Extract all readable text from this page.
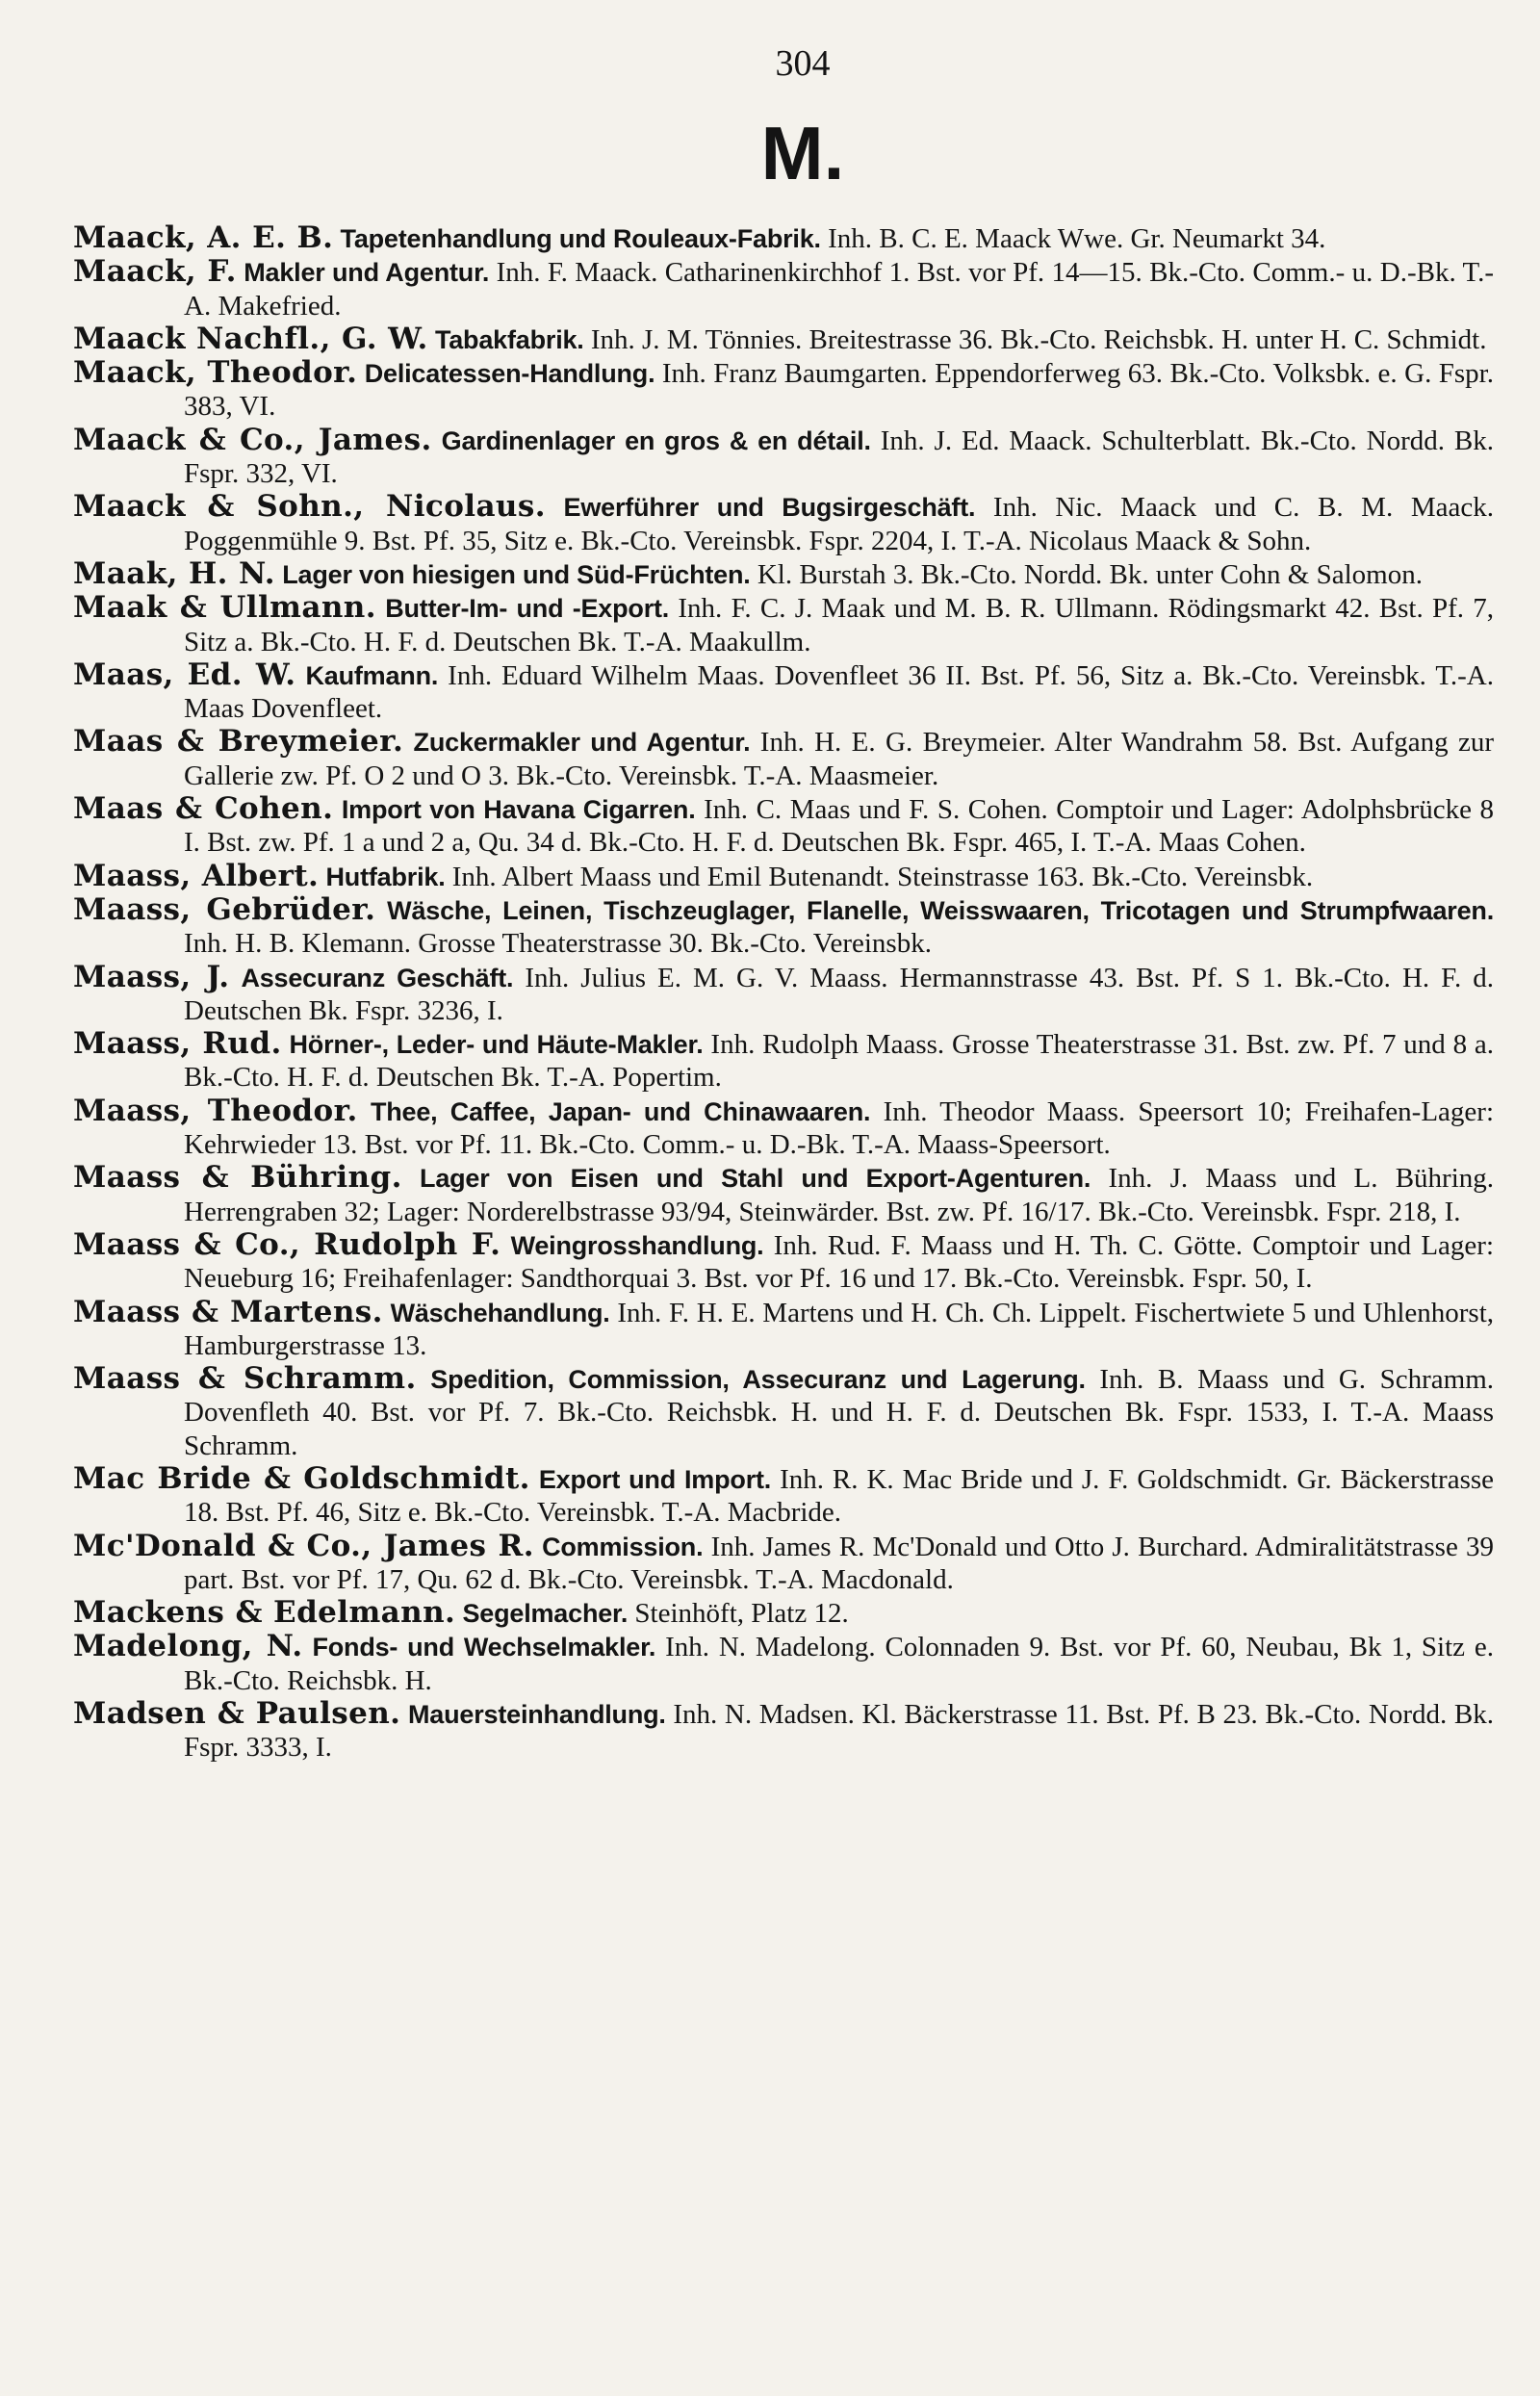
304
M.
Maack, A. E. B. Tapetenhandlung und Rouleaux-Fabrik. Inh. B. C. E. Maack Wwe. Gr. Neumarkt 34.
Maack, F. Makler und Agentur. Inh. F. Maack. Catharinenkirchhof 1. Bst. vor Pf. 14—15. Bk.-Cto. Comm.- u. D.-Bk. T.-A. Makefried.
Maack Nachfl., G. W. Tabakfabrik. Inh. J. M. Tönnies. Breitestrasse 36. Bk.-Cto. Reichsbk. H. unter H. C. Schmidt.
Maack, Theodor. Delicatessen-Handlung. Inh. Franz Baumgarten. Eppendorferweg 63. Bk.-Cto. Volksbk. e. G. Fspr. 383, VI.
Maack & Co., James. Gardinenlager en gros & en détail. Inh. J. Ed. Maack. Schulterblatt. Bk.-Cto. Nordd. Bk. Fspr. 332, VI.
Maack & Sohn., Nicolaus. Ewerführer und Bugsirgeschäft. Inh. Nic. Maack und C. B. M. Maack. Poggenmühle 9. Bst. Pf. 35, Sitz e. Bk.-Cto. Vereinsbk. Fspr. 2204, I. T.-A. Nicolaus Maack & Sohn.
Maak, H. N. Lager von hiesigen und Süd-Früchten. Kl. Burstah 3. Bk.-Cto. Nordd. Bk. unter Cohn & Salomon.
Maak & Ullmann. Butter-Im- und -Export. Inh. F. C. J. Maak und M. B. R. Ullmann. Rödingsmarkt 42. Bst. Pf. 7, Sitz a. Bk.-Cto. H. F. d. Deutschen Bk. T.-A. Maakullm.
Maas, Ed. W. Kaufmann. Inh. Eduard Wilhelm Maas. Dovenfleet 36 II. Bst. Pf. 56, Sitz a. Bk.-Cto. Vereinsbk. T.-A. Maas Dovenfleet.
Maas & Breymeier. Zuckermakler und Agentur. Inh. H. E. G. Breymeier. Alter Wandrahm 58. Bst. Aufgang zur Gallerie zw. Pf. O 2 und O 3. Bk.-Cto. Vereinsbk. T.-A. Maasmeier.
Maas & Cohen. Import von Havana Cigarren. Inh. C. Maas und F. S. Cohen. Comptoir und Lager: Adolphsbrücke 8 I. Bst. zw. Pf. 1 a und 2 a, Qu. 34 d. Bk.-Cto. H. F. d. Deutschen Bk. Fspr. 465, I. T.-A. Maas Cohen.
Maass, Albert. Hutfabrik. Inh. Albert Maass und Emil Butenandt. Steinstrasse 163. Bk.-Cto. Vereinsbk.
Maass, Gebrüder. Wäsche, Leinen, Tischzeuglager, Flanelle, Weisswaaren, Tricotagen und Strumpfwaaren. Inh. H. B. Klemann. Grosse Theaterstrasse 30. Bk.-Cto. Vereinsbk.
Maass, J. Assecuranz Geschäft. Inh. Julius E. M. G. V. Maass. Hermannstrasse 43. Bst. Pf. S 1. Bk.-Cto. H. F. d. Deutschen Bk. Fspr. 3236, I.
Maass, Rud. Hörner-, Leder- und Häute-Makler. Inh. Rudolph Maass. Grosse Theaterstrasse 31. Bst. zw. Pf. 7 und 8 a. Bk.-Cto. H. F. d. Deutschen Bk. T.-A. Popertim.
Maass, Theodor. Thee, Caffee, Japan- und Chinawaaren. Inh. Theodor Maass. Speersort 10; Freihafen-Lager: Kehrwieder 13. Bst. vor Pf. 11. Bk.-Cto. Comm.- u. D.-Bk. T.-A. Maass-Speersort.
Maass & Bühring. Lager von Eisen und Stahl und Export-Agenturen. Inh. J. Maass und L. Bühring. Herrengraben 32; Lager: Norderelbstrasse 93/94, Steinwärder. Bst. zw. Pf. 16/17. Bk.-Cto. Vereinsbk. Fspr. 218, I.
Maass & Co., Rudolph F. Weingrosshandlung. Inh. Rud. F. Maass und H. Th. C. Götte. Comptoir und Lager: Neueburg 16; Freihafenlager: Sandthorquai 3. Bst. vor Pf. 16 und 17. Bk.-Cto. Vereinsbk. Fspr. 50, I.
Maass & Martens. Wäschehandlung. Inh. F. H. E. Martens und H. Ch. Ch. Lippelt. Fischertwiete 5 und Uhlenhorst, Hamburgerstrasse 13.
Maass & Schramm. Spedition, Commission, Assecuranz und Lagerung. Inh. B. Maass und G. Schramm. Dovenfleth 40. Bst. vor Pf. 7. Bk.-Cto. Reichsbk. H. und H. F. d. Deutschen Bk. Fspr. 1533, I. T.-A. Maass Schramm.
Mac Bride & Goldschmidt. Export und Import. Inh. R. K. Mac Bride und J. F. Goldschmidt. Gr. Bäckerstrasse 18. Bst. Pf. 46, Sitz e. Bk.-Cto. Vereinsbk. T.-A. Macbride.
Mc'Donald & Co., James R. Commission. Inh. James R. Mc'Donald und Otto J. Burchard. Admiralitätstrasse 39 part. Bst. vor Pf. 17, Qu. 62 d. Bk.-Cto. Vereinsbk. T.-A. Macdonald.
Mackens & Edelmann. Segelmacher. Steinhöft, Platz 12.
Madelong, N. Fonds- und Wechselmakler. Inh. N. Madelong. Colonnaden 9. Bst. vor Pf. 60, Neubau, Bk 1, Sitz e. Bk.-Cto. Reichsbk. H.
Madsen & Paulsen. Mauersteinhandlung. Inh. N. Madsen. Kl. Bäckerstrasse 11. Bst. Pf. B 23. Bk.-Cto. Nordd. Bk. Fspr. 3333, I.
